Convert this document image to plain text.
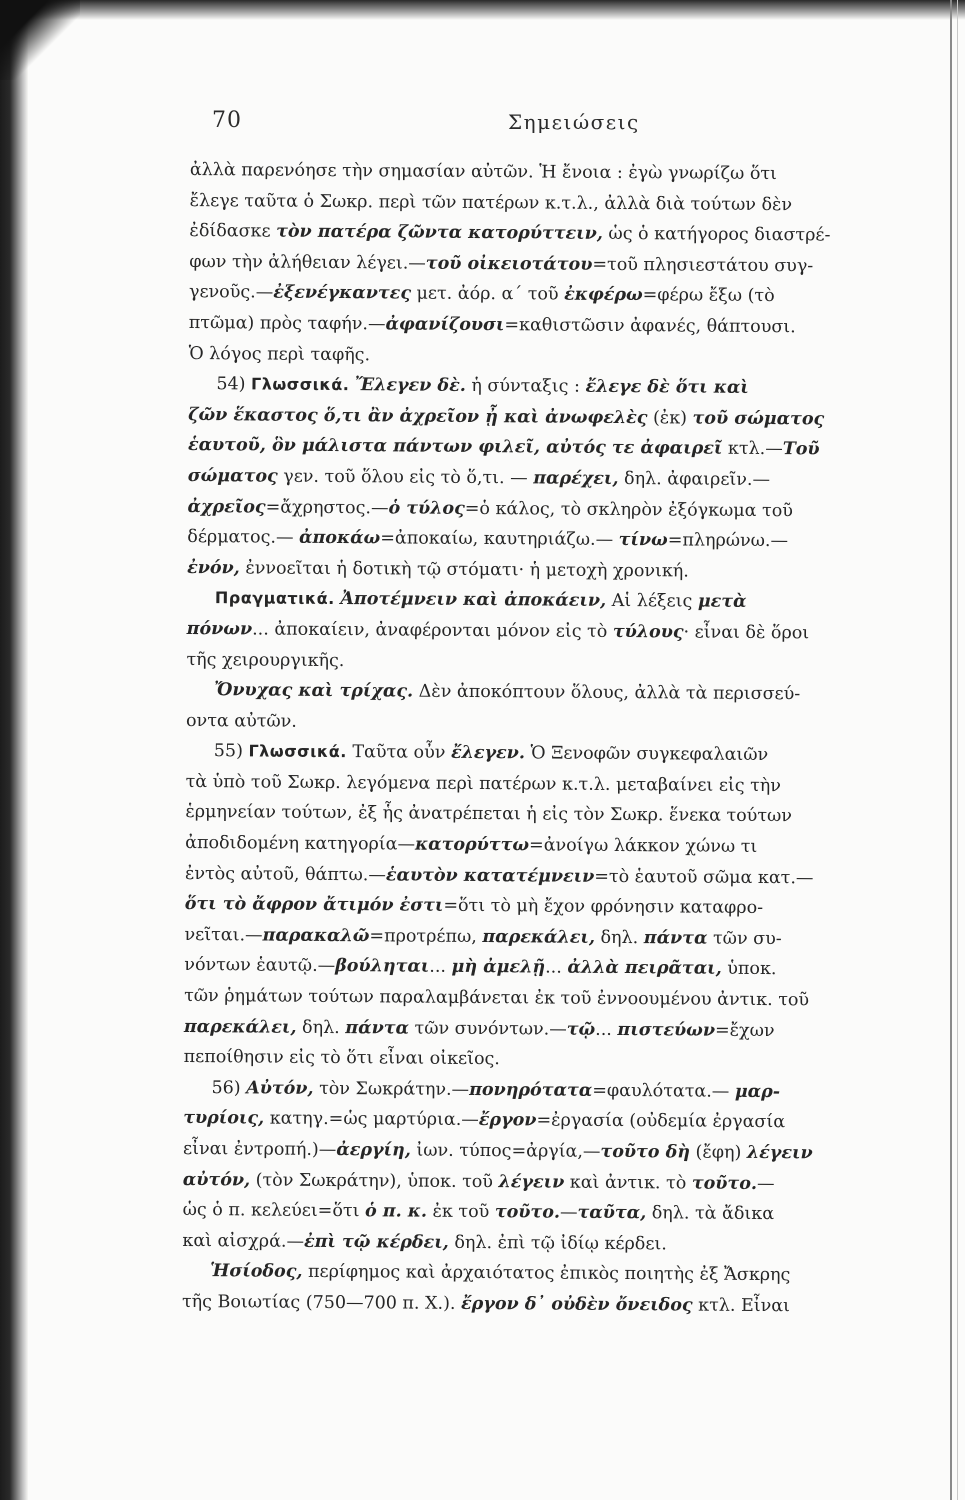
70	Σημειώσεις
ἀλλὰ παρενόησε τὴν σημασίαν αὐτῶν. Ἡ ἔνοια : ἐγὼ γνωρίζω ὅτι
ἔλεγε ταῦτα ὁ Σωκρ. περὶ τῶν πατέρων κ.τ.λ., ἀλλὰ διὰ τούτων δὲν
ἐδίδασκε τὸν πατέρα ζῶντα κατορύττειν, ὡς ὁ κατήγορος διαστρέ-
φων τὴν ἀλήθειαν λέγει.—τοῦ οἰκειοτάτου=τοῦ πλησιεστάτου συγ-
γενοῦς.—ἐξενέγκαντες μετ. ἀόρ. α΄ τοῦ ἐκφέρω=φέρω ἔξω (τὸ
πτῶμα) πρὸς ταφήν.—ἀφανίζουσι=καθιστῶσιν ἀφανές, θάπτουσι.
Ὁ λόγος περὶ ταφῆς.
54) Γλωσσικά. Ἔλεγεν δὲ. ἡ σύνταξις : ἔλεγε δὲ ὅτι καὶ
ζῶν ἕκαστος ὅ,τι ἂν ἀχρεῖον ᾖ καὶ ἀνωφελὲς (ἐκ) τοῦ σώματος
ἑαυτοῦ, ὃν μάλιστα πάντων φιλεῖ, αὐτός τε ἀφαιρεῖ κτλ.—Τοῦ
σώματος γεν. τοῦ ὅλου εἰς τὸ ὅ,τι. — παρέχει, δηλ. ἀφαιρεῖν.—
ἀχρεῖος=ἄχρηστος.—ὁ τύλος=ὁ κάλος, τὸ σκληρὸν ἐξόγκωμα τοῦ
δέρματος.— ἀποκάω=ἀποκαίω, καυτηριάζω.— τίνω=πληρώνω.—
ἐνόν, ἐννοεῖται ἡ δοτικὴ τῷ στόματι· ἡ μετοχὴ χρονική.
Πραγματικά. Ἀποτέμνειν καὶ ἀποκάειν, Αἱ λέξεις μετὰ
πόνων... ἀποκαίειν, ἀναφέρονται μόνον εἰς τὸ τύλους· εἶναι δὲ ὅροι
τῆς χειρουργικῆς.
Ὄνυχας καὶ τρίχας. Δὲν ἀποκόπτουν ὅλους, ἀλλὰ τὰ περισσεύ-
οντα αὐτῶν.
55) Γλωσσικά. Ταῦτα οὖν ἔλεγεν. Ὁ Ξενοφῶν συγκεφαλαιῶν
τὰ ὑπὸ τοῦ Σωκρ. λεγόμενα περὶ πατέρων κ.τ.λ. μεταβαίνει εἰς τὴν
ἑρμηνείαν τούτων, ἐξ ἧς ἀνατρέπεται ἡ εἰς τὸν Σωκρ. ἕνεκα τούτων
ἀποδιδομένη κατηγορία—κατορύττω=ἀνοίγω λάκκον χώνω τι
ἐντὸς αὐτοῦ, θάπτω.—ἑαυτὸν κατατέμνειν=τὸ ἑαυτοῦ σῶμα κατ.—
ὅτι τὸ ἄφρον ἄτιμόν ἐστι=ὅτι τὸ μὴ ἔχον φρόνησιν καταφρο-
νεῖται.—παρακαλῶ=προτρέπω, παρεκάλει, δηλ. πάντα τῶν συ-
νόντων ἑαυτῷ.—βούληται... μὴ ἀμελῇ... ἀλλὰ πειρᾶται, ὑποκ.
τῶν ῥημάτων τούτων παραλαμβάνεται ἐκ τοῦ ἐννοουμένου ἀντικ. τοῦ
παρεκάλει, δηλ. πάντα τῶν συνόντων.—τῷ... πιστεύων=ἔχων
πεποίθησιν εἰς τὸ ὅτι εἶναι οἰκεῖος.
56) Αὐτόν, τὸν Σωκράτην.—πονηρότατα=φαυλότατα.— μαρ-
τυρίοις, κατηγ.=ὡς μαρτύρια.—ἔργον=ἐργασία (οὐδεμία ἐργασία
εἶναι ἐντροπή.)—ἀεργίη, ἰων. τύπος=ἀργία,—τοῦτο δὴ (ἔφη) λέγειν
αὐτόν, (τὸν Σωκράτην), ὑποκ. τοῦ λέγειν καὶ ἀντικ. τὸ τοῦτο.—
ὡς ὁ π. κελεύει=ὅτι ὁ π. κ. ἐκ τοῦ τοῦτο.—ταῦτα, δηλ. τὰ ἄδικα
καὶ αἰσχρά.—ἐπὶ τῷ κέρδει, δηλ. ἐπὶ τῷ ἰδίῳ κέρδει.
Ἡσίοδος, περίφημος καὶ ἀρχαιότατος ἐπικὸς ποιητὴς ἐξ Ἄσκρης
τῆς Βοιωτίας (750—700 π. Χ.). ἔργον δ᾽ οὐδὲν ὄνειδος κτλ. Εἶναι
